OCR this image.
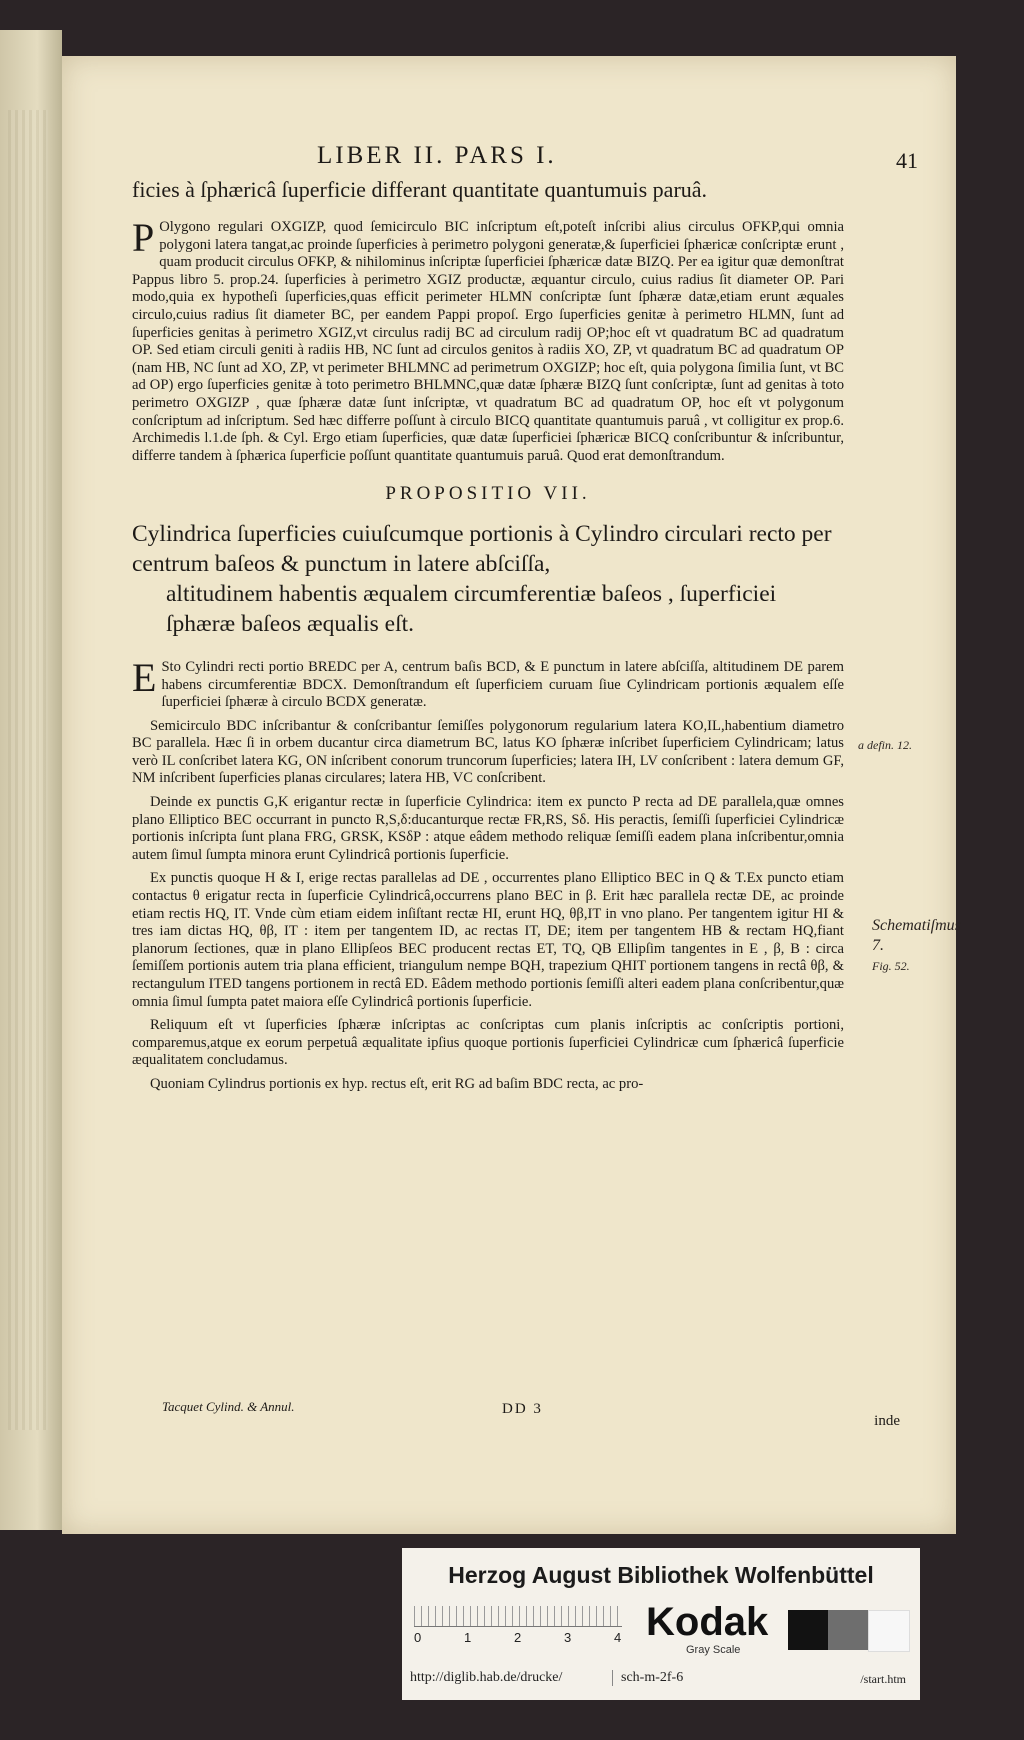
LIBER II. PARS I.	41

ficies à ſphæricâ ſuperficie differant quantitate quantumuis paruâ.

P Olygono regulari OXGIZP, quod ſemicirculo BIC inſcriptum eſt,poteſt inſcribi alius circulus OFKP,qui omnia polygoni latera tangat,ac proinde ſuperficies à perimetro polygoni generatæ,& ſuperficiei ſphæricæ conſcriptæ erunt , quam producit circulus OFKP, & nihilominus inſcriptæ ſuperficiei ſphæricæ datæ BIZQ. Per ea igitur quæ demonſtrat Pappus libro 5. prop.24. ſuperficies à perimetro XGIZ productæ, æquantur circulo, cuius radius ſit diameter OP. Pari modo,quia ex hypotheſi ſuperficies,quas efficit perimeter HLMN conſcriptæ ſunt ſphæræ datæ,etiam erunt æquales circulo,cuius radius ſit diameter BC, per eandem Pappi propoſ. Ergo ſuperficies genitæ à perimetro HLMN, ſunt ad ſuperficies genitas à perimetro XGIZ,vt circulus radij BC ad circulum radij OP;hoc eſt vt quadratum BC ad quadratum OP. Sed etiam circuli geniti à radiis HB, NC ſunt ad circulos genitos à radiis XO, ZP, vt quadratum BC ad quadratum OP (nam HB, NC ſunt ad XO, ZP, vt perimeter BHLMNC ad perimetrum OXGIZP; hoc eſt, quia polygona ſimilia ſunt, vt BC ad OP) ergo ſuperficies genitæ à toto perimetro BHLMNC,quæ datæ ſphæræ BIZQ ſunt conſcriptæ, ſunt ad genitas à toto perimetro OXGIZP , quæ ſphæræ datæ ſunt inſcriptæ, vt quadratum BC ad quadratum OP, hoc eſt vt polygonum conſcriptum ad inſcriptum. Sed hæc differre poſſunt à circulo BICQ quantitate quantumuis paruâ , vt colligitur ex prop.6. Archimedis l.1.de ſph. & Cyl. Ergo etiam ſuperficies, quæ datæ ſuperficiei ſphæricæ BICQ conſcribuntur & inſcribuntur, differre tandem à ſphærica ſuperficie poſſunt quantitate quantumuis paruâ. Quod erat demonſtrandum.

PROPOSITIO VII.
Cylindrica ſuperficies cuiuſcumque portionis à Cylindro circulari recto per centrum baſeos & punctum in latere abſciſſa,
altitudinem habentis æqualem circumferentiæ baſeos , ſuperficiei ſphæræ baſeos æqualis eſt.

E Sto Cylindri recti portio BREDC per A, centrum baſis BCD, & E punctum in latere abſciſſa, altitudinem DE parem habens circumferentiæ BDCX. Demonſtrandum eſt ſuperficiem curuam ſiue Cylindricam portionis æqualem eſſe ſuperficiei ſphæræ à circulo BCDX generatæ.

Semicirculo BDC inſcribantur & conſcribantur ſemiſſes polygonorum regularium latera KO,IL,habentium diametro BC parallela. Hæc ſi in orbem ducantur circa diametrum BC, latus KO ſphæræ inſcribet ſuperficiem Cylindricam; latus verò IL conſcribet latera KG, ON inſcribent conorum truncorum ſuperficies; latera IH, LV conſcribent : latera demum GF, NM inſcribent ſuperficies planas circulares; latera HB, VC conſcribent.

Deinde ex punctis G,K erigantur rectæ in ſuperficie Cylindrica: item ex puncto P recta ad DE parallela,quæ omnes plano Elliptico BEC occurrant in puncto R,S,δ:ducanturque rectæ FR,RS, Sδ. His peractis, ſemiſſi ſuperficiei Cylindricæ portionis inſcripta ſunt plana FRG, GRSK, KSδP : atque eâdem methodo reliquæ ſemiſſi eadem plana inſcribentur,omnia autem ſimul ſumpta minora erunt Cylindricâ portionis ſuperficie.

Ex punctis quoque H & I, erige rectas parallelas ad DE , occurrentes plano Elliptico BEC in Q & T.Ex puncto etiam contactus θ erigatur recta in ſuperficie Cylindricâ,occurrens plano BEC in β. Erit hæc parallela rectæ DE, ac proinde etiam rectis HQ, IT. Vnde cùm etiam eidem inſiſtant rectæ HI, erunt HQ, θβ,IT in vno plano. Per tangentem igitur HI & tres iam dictas HQ, θβ, IT : item per tangentem ID, ac rectas IT, DE; item per tangentem HB & rectam HQ,fiant planorum ſectiones, quæ in plano Ellipſeos BEC producent rectas ET, TQ, QB Ellipſim tangentes in E , β, B : circa ſemiſſem portionis autem tria plana efficient, triangulum nempe BQH, trapezium QHIT portionem tangens in rectâ θβ, & rectangulum ITED tangens portionem in rectâ ED. Eâdem methodo portionis ſemiſſi alteri eadem plana conſcribentur,quæ omnia ſimul ſumpta patet maiora eſſe Cylindricâ portionis ſuperficie.

Reliquum eſt vt ſuperficies ſphæræ inſcriptas ac conſcriptas cum planis inſcriptis ac conſcriptis portioni, comparemus,atque ex eorum perpetuâ æqualitate ipſius quoque portionis ſuperficiei Cylindricæ cum ſphæricâ ſuperficie æqualitatem concludamus.

Quoniam Cylindrus portionis ex hyp. rectus eſt, erit RG ad baſim BDC recta, ac pro-

a defin. 12.
Schematiſmus 7.
Fig. 52.
Tacquet Cylind. & Annul.	DD 3
inde
Herzog August Bibliothek Wolfenbüttel
0	1	2	3	4 Kodak
Gray Scale
http://diglib.hab.de/drucke/	sch-m-2f-6	/start.htm
